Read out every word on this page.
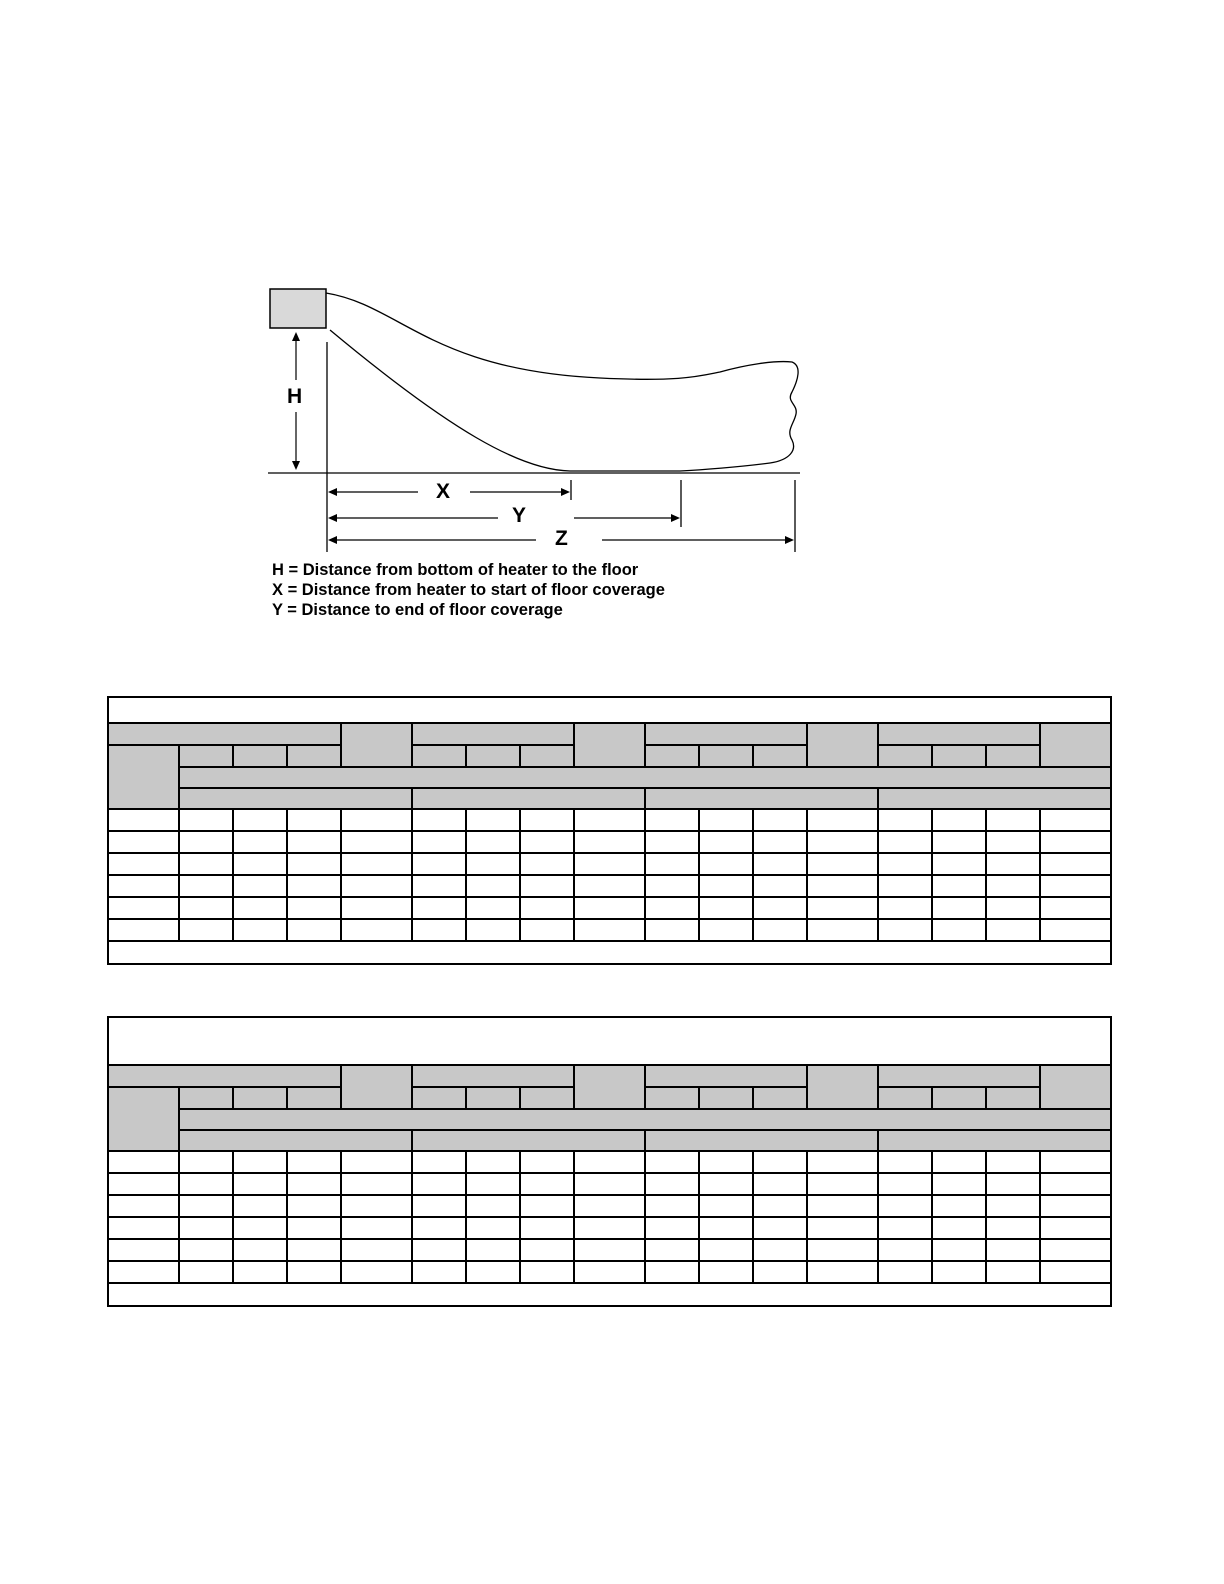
H
X
Y
Z
H = Distance from bottom of heater to the floor
X = Distance from heater to start of floor coverage
Y = Distance to end of floor coverage
